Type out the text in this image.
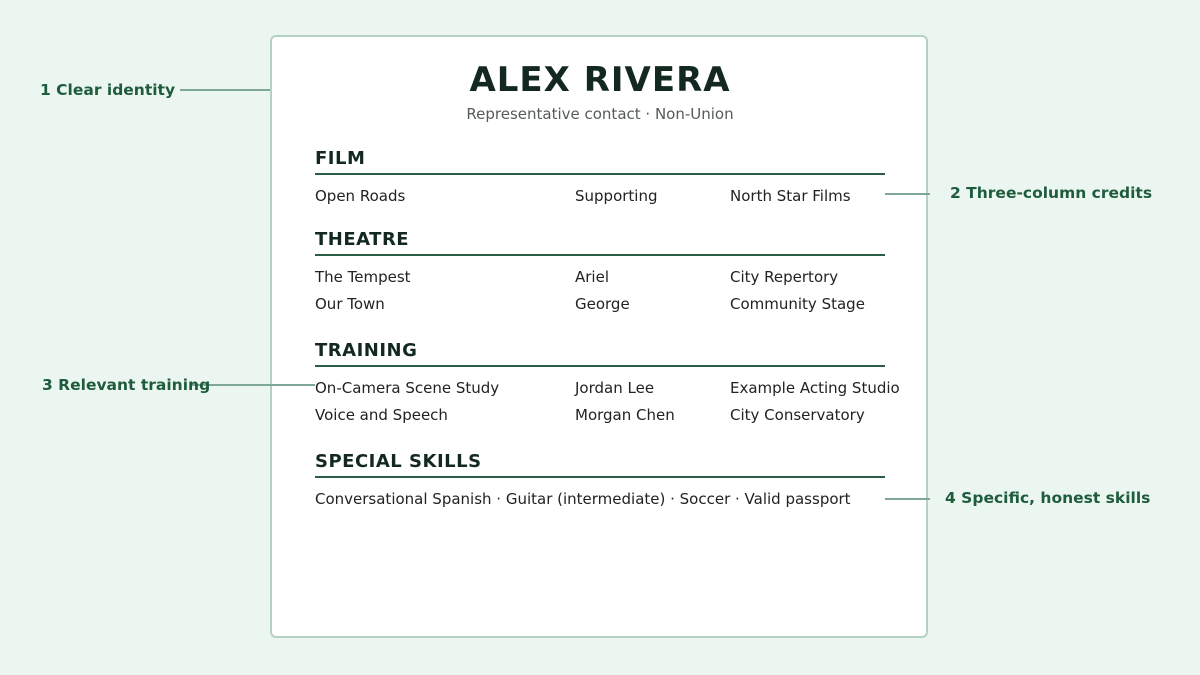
ALEX RIVERA
Representative contact · Non-Union
FILM
Open Roads	Supporting	North Star Films
THEATRE
The Tempest	Ariel	City Repertory
Our Town	George	Community Stage
TRAINING
On-Camera Scene Study	Jordan Lee	Example Acting Studio
Voice and Speech	Morgan Chen	City Conservatory
SPECIAL SKILLS
Conversational Spanish · Guitar (intermediate) · Soccer · Valid passport
1 Clear identity
2 Three-column credits
3 Relevant training
4 Specific, honest skills
